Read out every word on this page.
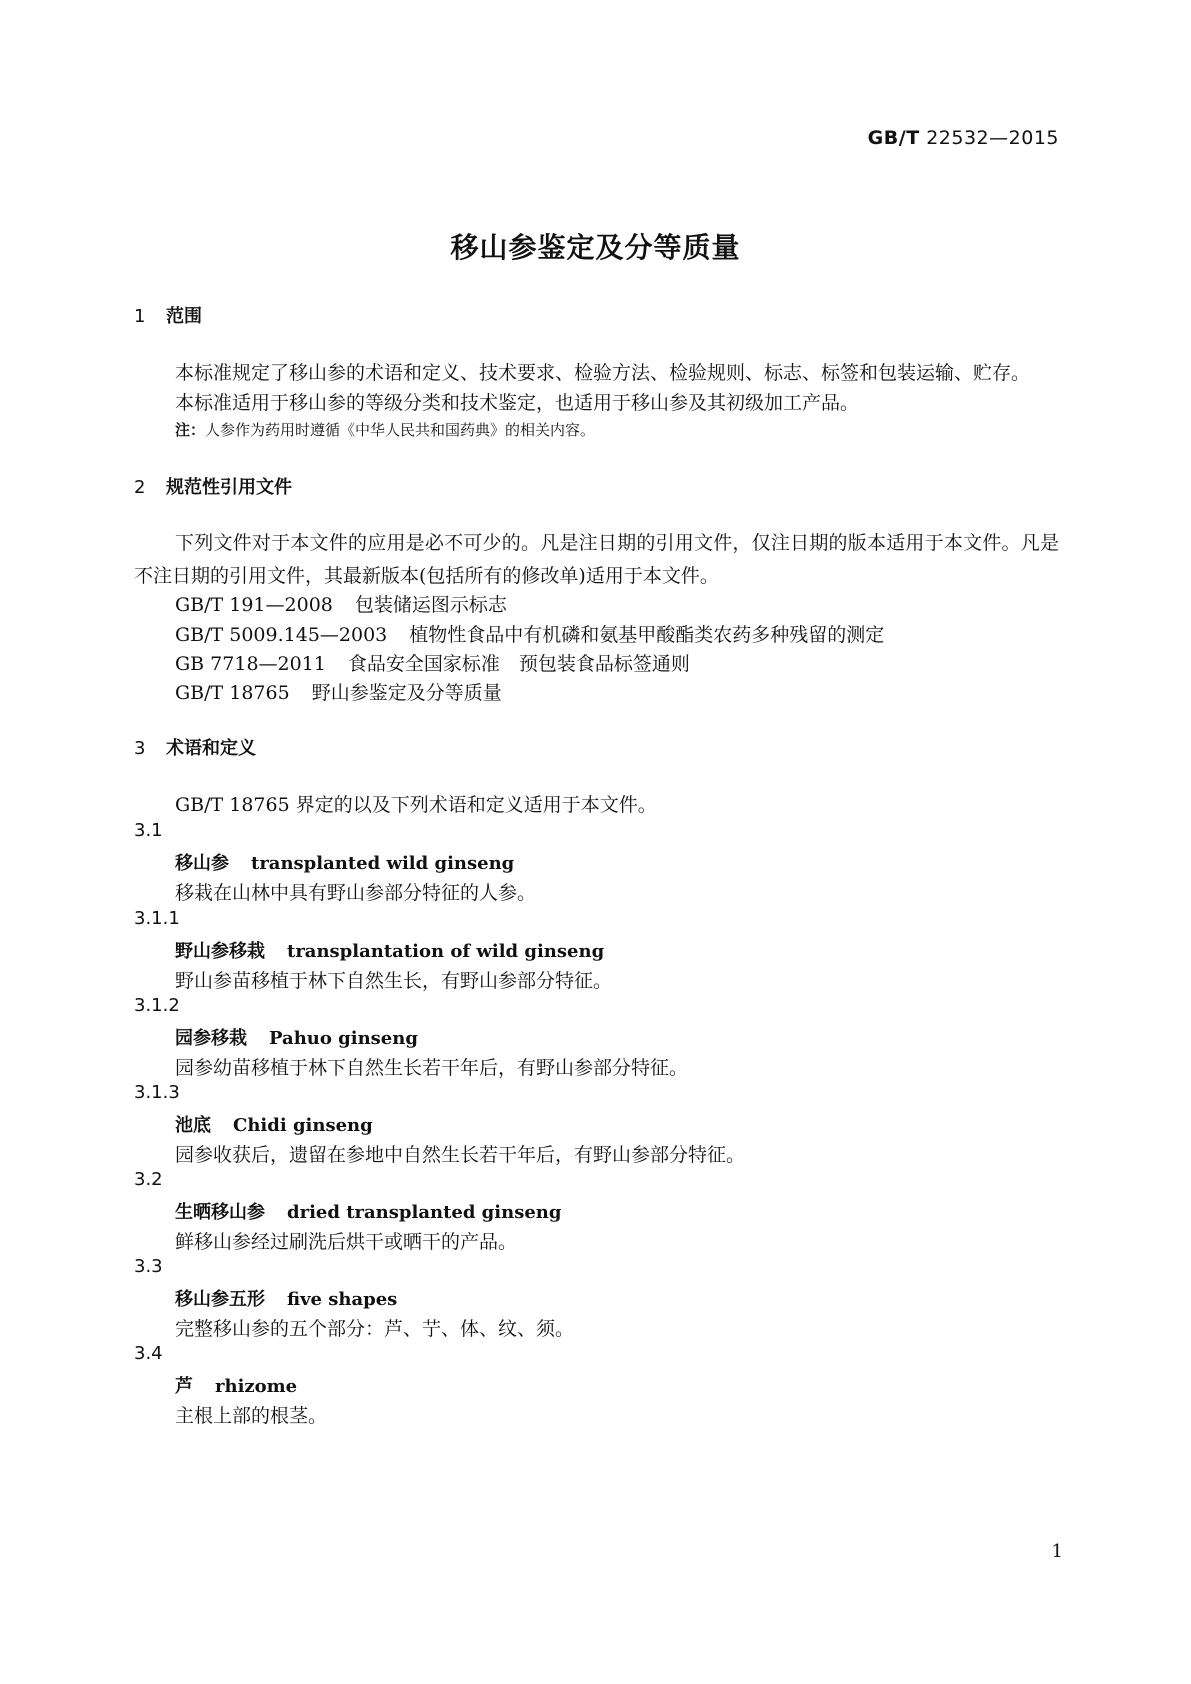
GB/T 22532—2015
移山参鉴定及分等质量
1 范围
本标准规定了移山参的术语和定义、技术要求、检验方法、检验规则、标志、标签和包装运输、贮存。
本标准适用于移山参的等级分类和技术鉴定，也适用于移山参及其初级加工产品。
注：人参作为药用时遵循《中华人民共和国药典》的相关内容。
2 规范性引用文件
下列文件对于本文件的应用是必不可少的。凡是注日期的引用文件，仅注日期的版本适用于本文件。凡是不注日期的引用文件，其最新版本(包括所有的修改单)适用于本文件。
GB/T 191—2008 包装储运图示标志
GB/T 5009.145—2003 植物性食品中有机磷和氨基甲酸酯类农药多种残留的测定
GB 7718—2011 食品安全国家标准　预包装食品标签通则
GB/T 18765 野山参鉴定及分等质量
3 术语和定义
GB/T 18765 界定的以及下列术语和定义适用于本文件。
3.1
移山参 transplanted wild ginseng
移栽在山林中具有野山参部分特征的人参。
3.1.1
野山参移栽 transplantation of wild ginseng
野山参苗移植于林下自然生长，有野山参部分特征。
3.1.2
园参移栽 Pahuo ginseng
园参幼苗移植于林下自然生长若干年后，有野山参部分特征。
3.1.3
池底 Chidi ginseng
园参收获后，遗留在参地中自然生长若干年后，有野山参部分特征。
3.2
生晒移山参 dried transplanted ginseng
鲜移山参经过刷洗后烘干或晒干的产品。
3.3
移山参五形 five shapes
完整移山参的五个部分：芦、艼、体、纹、须。
3.4
芦 rhizome
主根上部的根茎。
1
